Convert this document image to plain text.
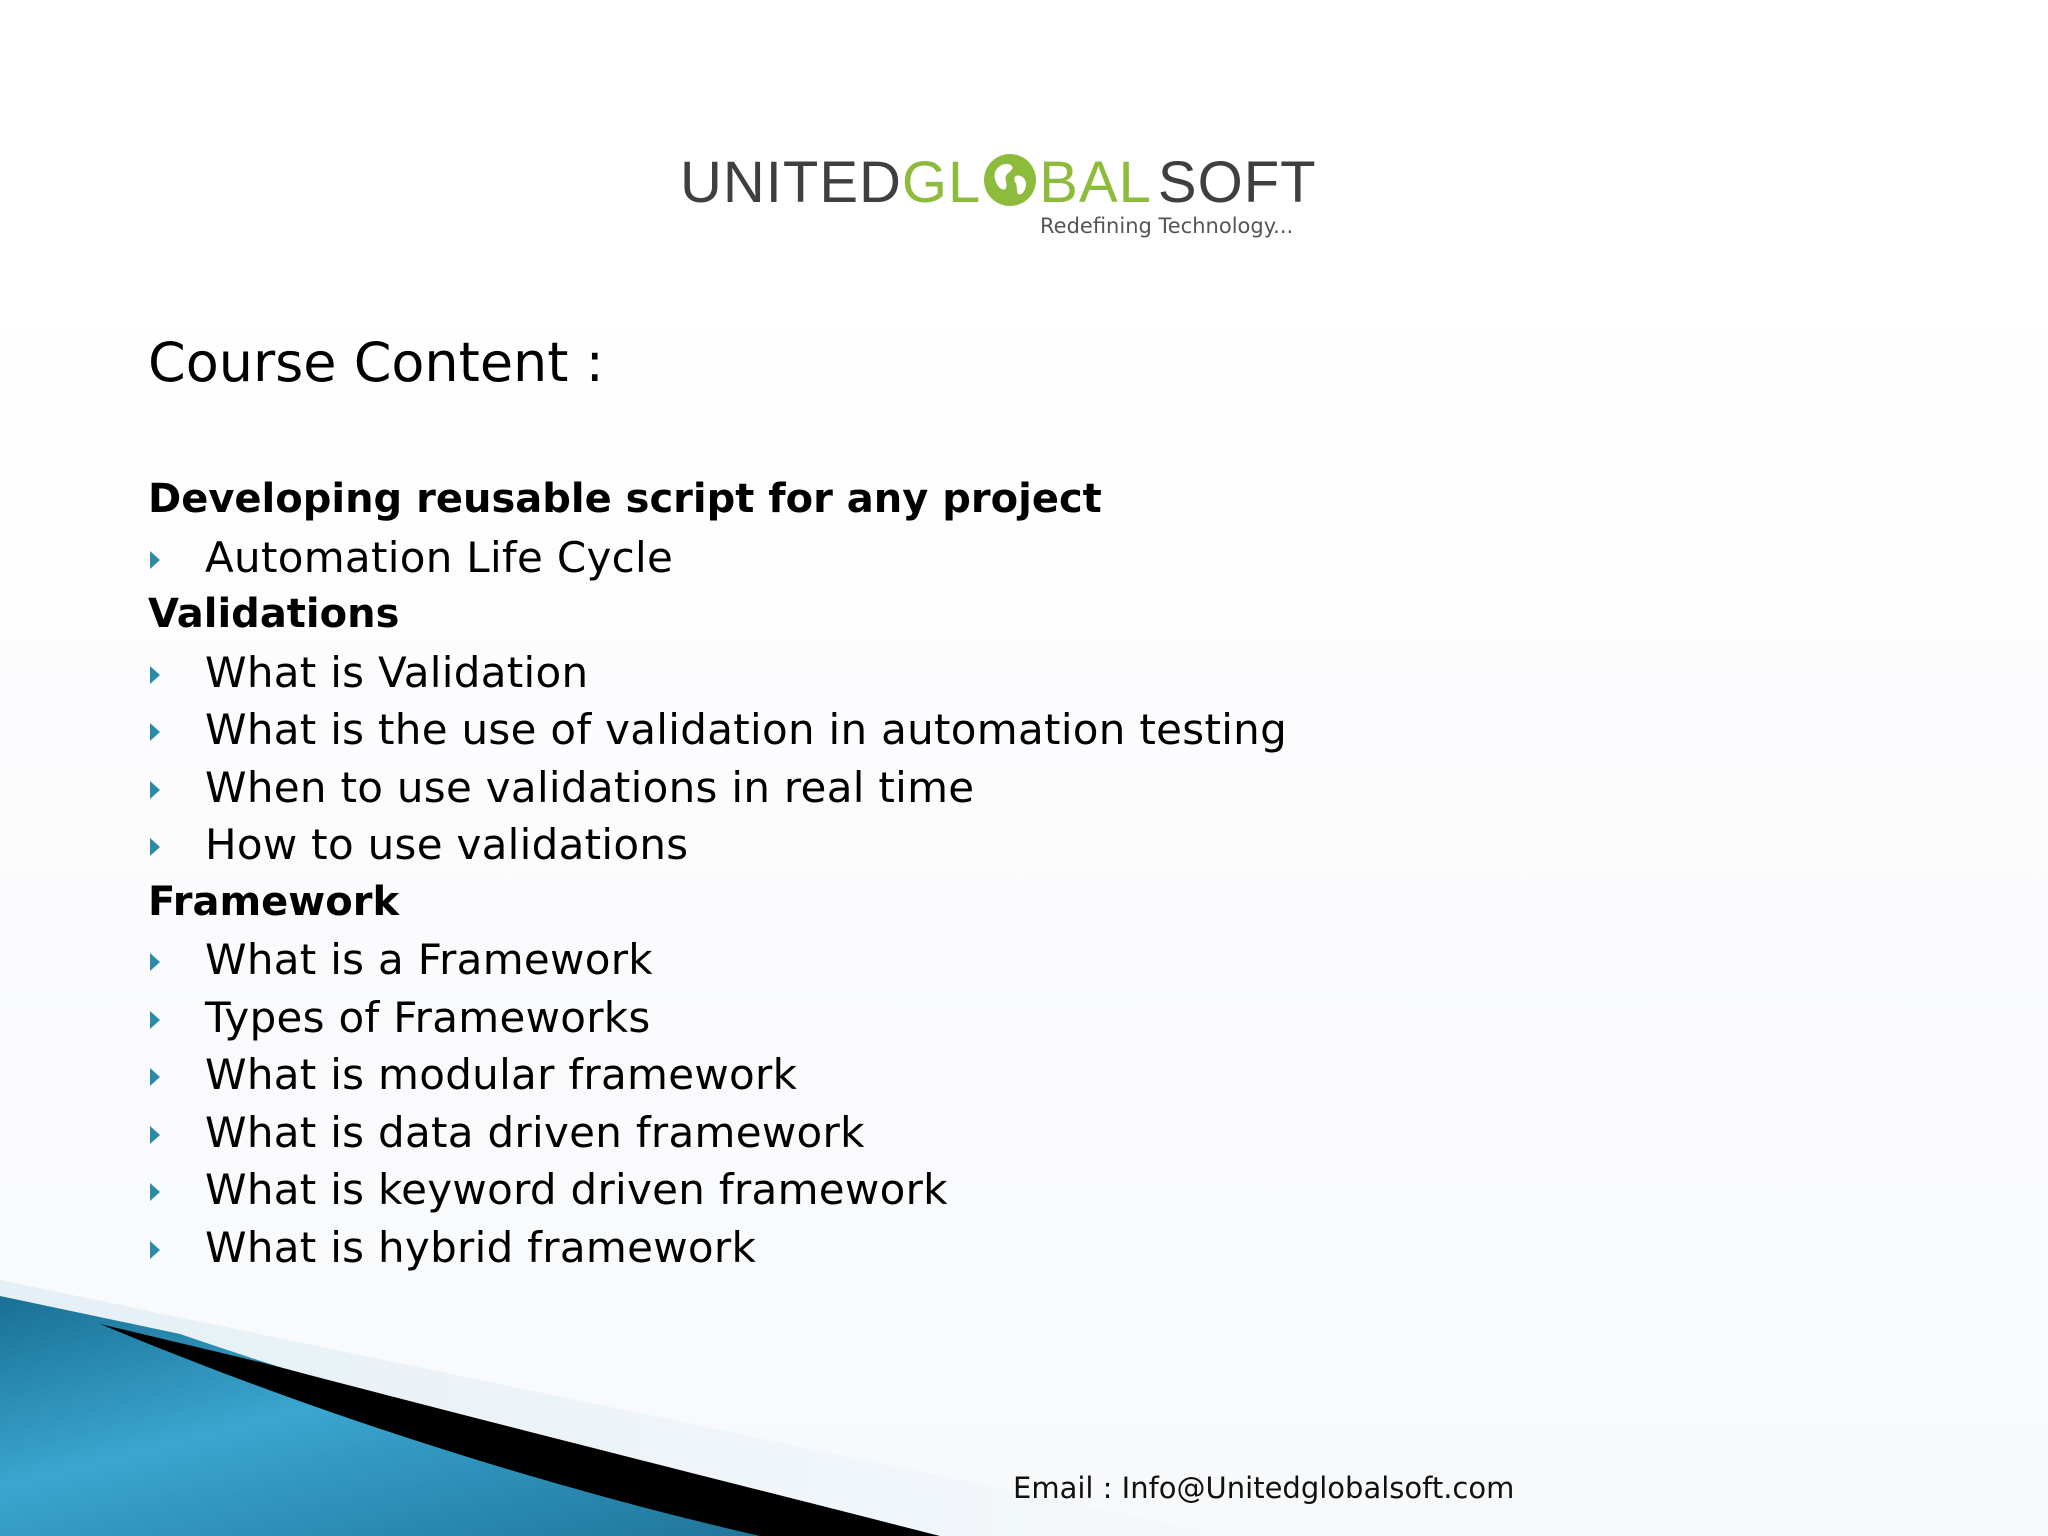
UNITEDGL BAL SOFT
Redefining Technology...
Course Content :
Developing reusable script for any project
Automation Life Cycle
Validations
What is Validation
What is the use of validation in automation testing
When to use validations in real time
How to use validations
Framework
What is a Framework
Types of Frameworks
What is modular framework
What is data driven framework
What is keyword driven framework
What is hybrid framework
Email : Info@Unitedglobalsoft.com
